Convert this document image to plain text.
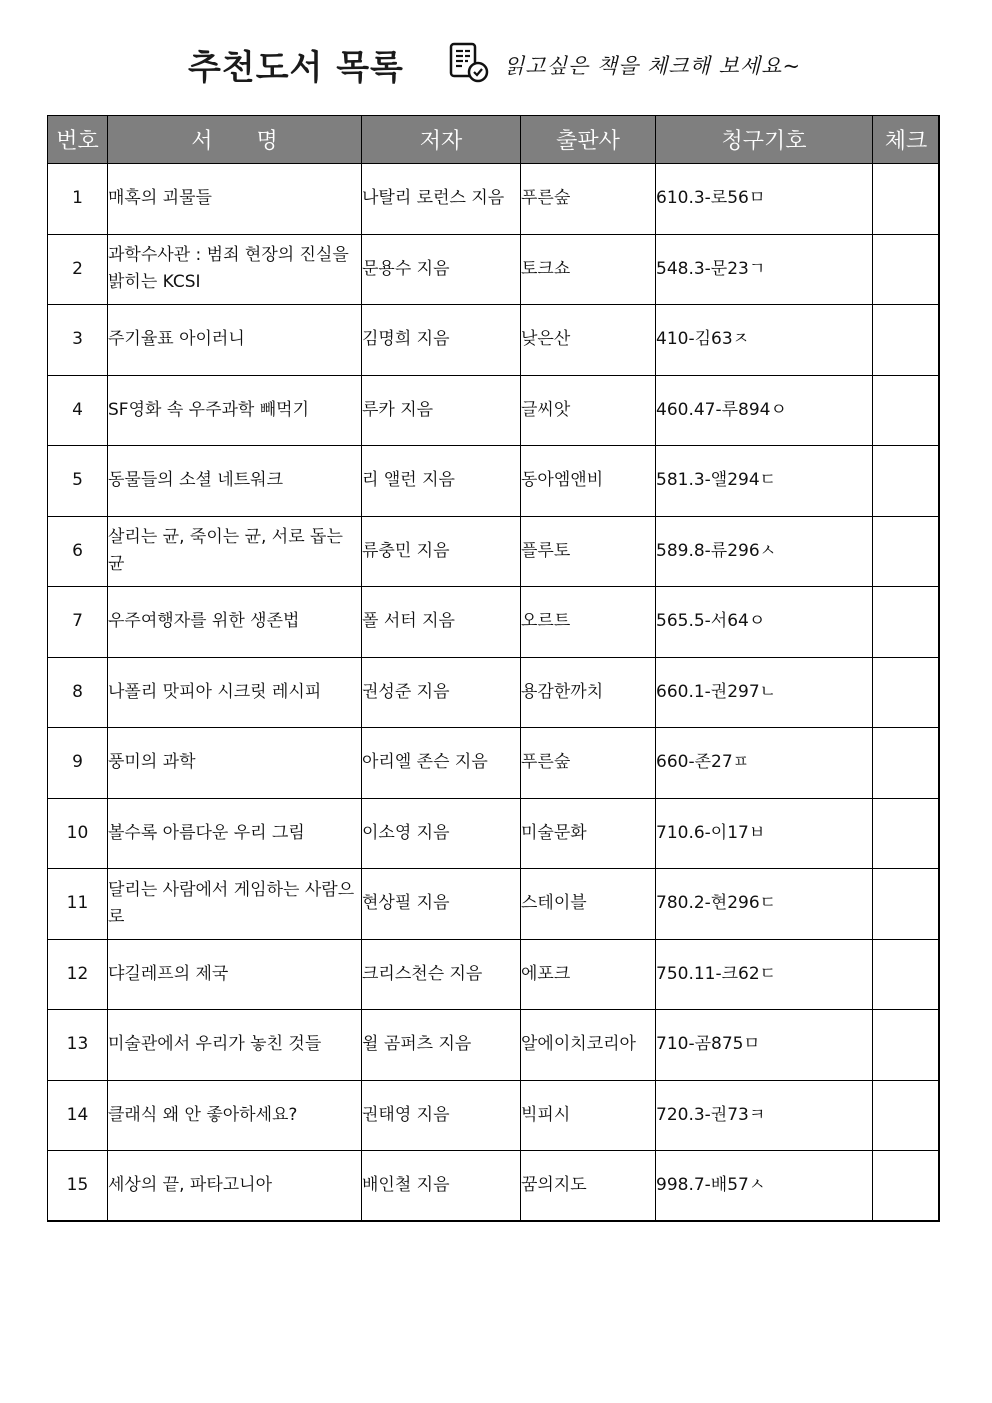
추천도서 목록	읽고싶은 책을 체크해 보세요~
번호	서　　명	저자	출판사	청구기호	체크
1	매혹의 괴물들	나탈리 로런스 지음	푸른숲	610.3-로56ㅁ	
2	과학수사관 : 범죄 현장의 진실을 밝히는 KCSI	문용수 지음	토크쇼	548.3-문23ㄱ	
3	주기율표 아이러니	김명희 지음	낮은산	410-김63ㅈ	
4	SF영화 속 우주과학 빼먹기	루카 지음	글씨앗	460.47-루894ㅇ	
5	동물들의 소셜 네트워크	리 앨런 지음	동아엠앤비	581.3-앨294ㄷ	
6	살리는 균, 죽이는 균, 서로 돕는 균	류충민 지음	플루토	589.8-류296ㅅ	
7	우주여행자를 위한 생존법	폴 서터 지음	오르트	565.5-서64ㅇ	
8	나폴리 맛피아 시크릿 레시피	권성준 지음	용감한까치	660.1-권297ㄴ	
9	풍미의 과학	아리엘 존슨 지음	푸른숲	660-존27ㅍ	
10	볼수록 아름다운 우리 그림	이소영 지음	미술문화	710.6-이17ㅂ	
11	달리는 사람에서 게임하는 사람으로	현상필 지음	스테이블	780.2-현296ㄷ	
12	댜길레프의 제국	크리스천슨 지음	에포크	750.11-크62ㄷ	
13	미술관에서 우리가 놓친 것들	윌 곰퍼츠 지음	알에이치코리아	710-곰875ㅁ	
14	클래식 왜 안 좋아하세요?	권태영 지음	빅피시	720.3-권73ㅋ	
15	세상의 끝, 파타고니아	배인철 지음	꿈의지도	998.7-배57ㅅ	
